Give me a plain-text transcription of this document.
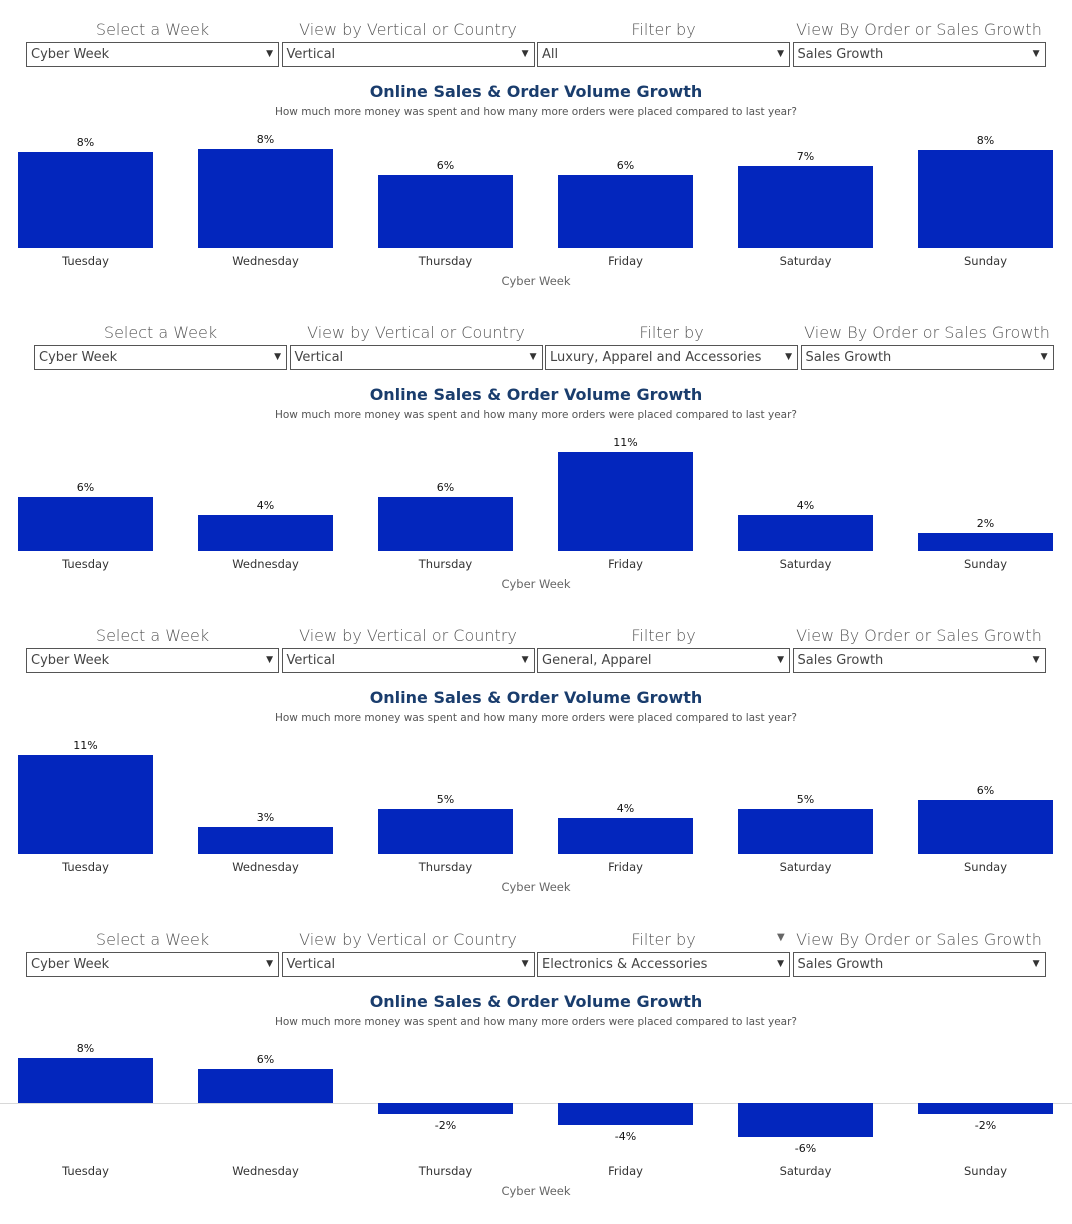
Select a Week
Cyber Week	▼
View by Vertical or Country
Vertical	▼
Filter by
All	▼
View By Order or Sales Growth
Sales Growth	▼
Online Sales & Order Volume Growth
How much more money was spent and how many more orders were placed compared to last year?
8%
Tuesday
8%
Wednesday
6%
Thursday
6%
Friday
7%
Saturday
8%
Sunday
Cyber Week
Select a Week
Cyber Week	▼
View by Vertical or Country
Vertical	▼
Filter by
Luxury, Apparel and Accessories	▼
View By Order or Sales Growth
Sales Growth	▼
Online Sales & Order Volume Growth
How much more money was spent and how many more orders were placed compared to last year?
6%
Tuesday
4%
Wednesday
6%
Thursday
11%
Friday
4%
Saturday
2%
Sunday
Cyber Week
Select a Week
Cyber Week	▼
View by Vertical or Country
Vertical	▼
Filter by
General, Apparel	▼
View By Order or Sales Growth
Sales Growth	▼
Online Sales & Order Volume Growth
How much more money was spent and how many more orders were placed compared to last year?
11%
Tuesday
3%
Wednesday
5%
Thursday
4%
Friday
5%
Saturday
6%
Sunday
Cyber Week
Select a Week
Cyber Week	▼
View by Vertical or Country
Vertical	▼
Filter by
Electronics & Accessories	▼
View By Order or Sales Growth
Sales Growth	▼
▼
Online Sales & Order Volume Growth
How much more money was spent and how many more orders were placed compared to last year?
8%
Tuesday
6%
Wednesday
-2%
Thursday
-4%
Friday
-6%
Saturday
-2%
Sunday
Cyber Week
